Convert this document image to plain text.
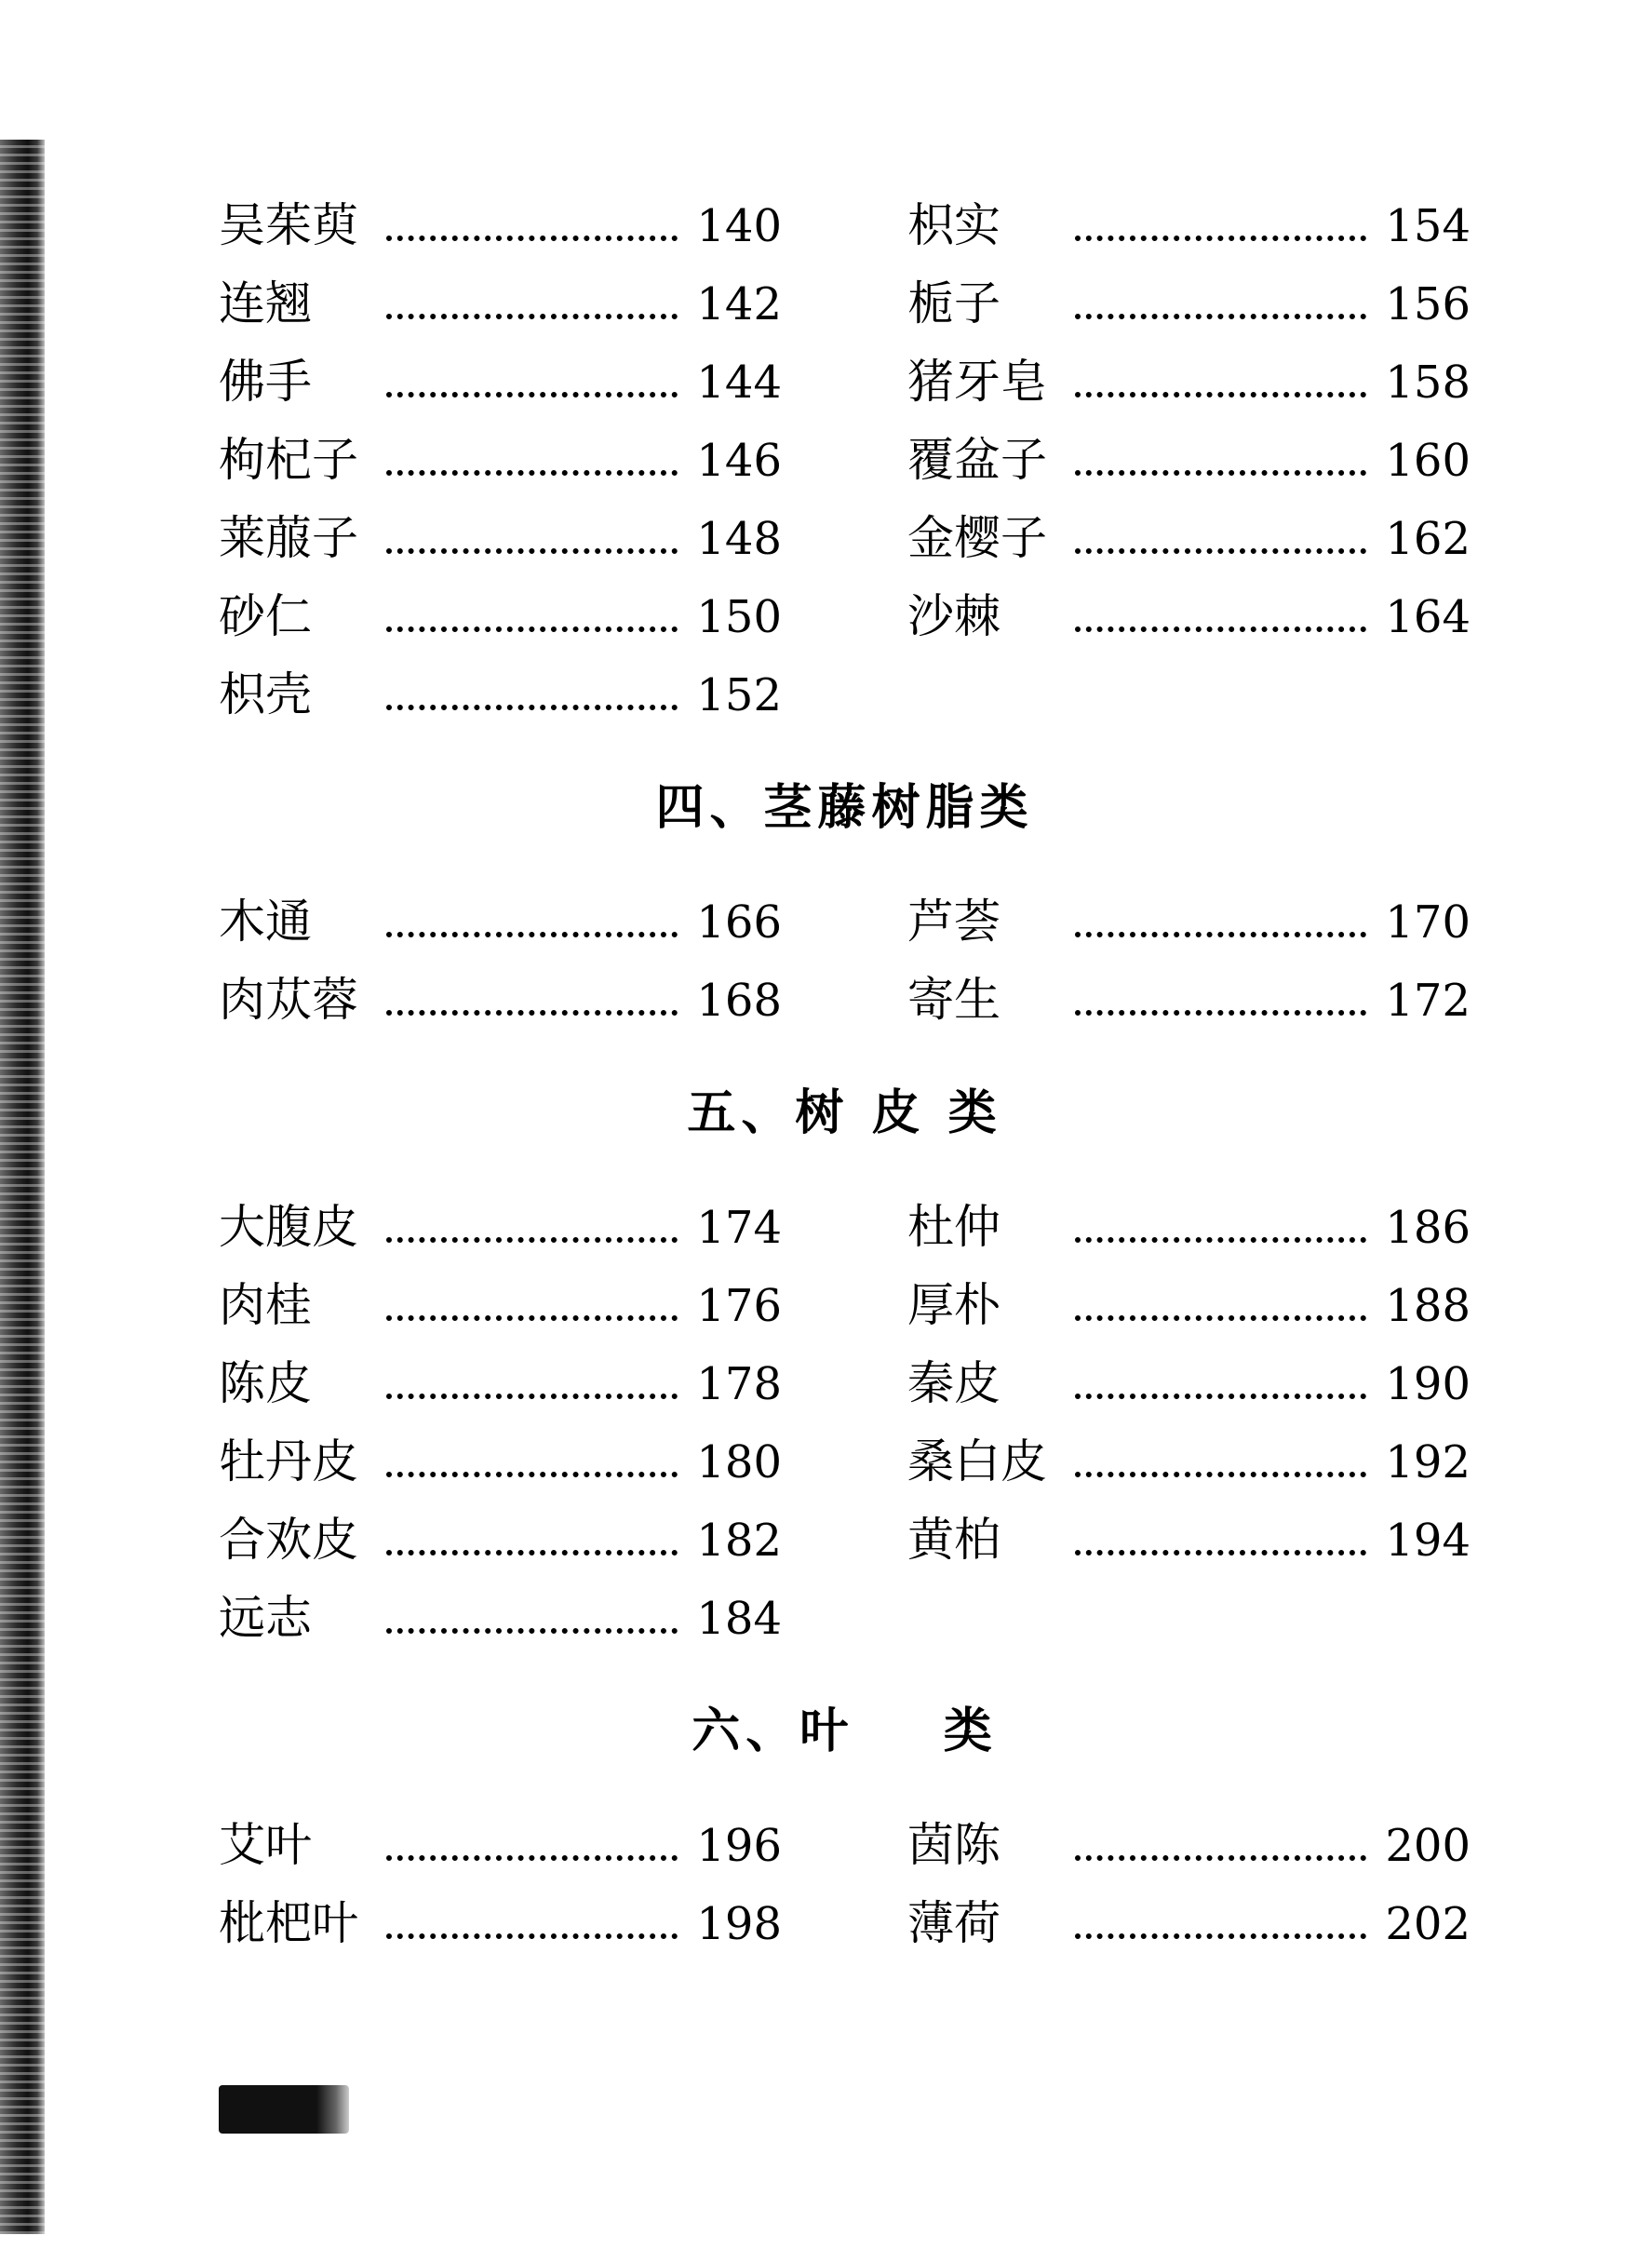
吴茱萸	140
连翘	142
佛手	144
枸杞子	146
莱菔子	148
砂仁	150
枳壳	152
枳实	154
栀子	156
猪牙皂	158
覆盆子	160
金樱子	162
沙棘	164
四、茎藤树脂类
木通	166
肉苁蓉	168
芦荟	170
寄生	172
五、树 皮 类
大腹皮	174
肉桂	176
陈皮	178
牡丹皮	180
合欢皮	182
远志	184
杜仲	186
厚朴	188
秦皮	190
桑白皮	192
黄柏	194
六、叶    类
艾叶	196
枇杷叶	198
茵陈	200
薄荷	202
